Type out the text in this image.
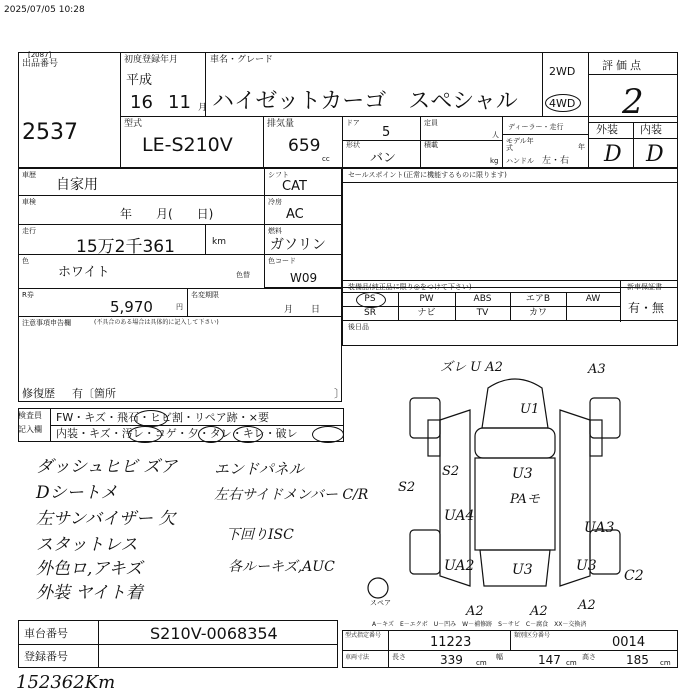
2025/07/05 10:28
[2087]
出品番号
2537
初度登録年月
平成
16 11 月
車名・グレード
ハイゼットカーゴ　スペシャル
2WD
4WD
評価点
2
外装 内装
D D
型式
LE-S210V
排気量
659
cc
ドア
5
形状
バン
定員
人
積載
kg
ディーラー・走行
モデル年式	年
ハンドル 左・右
車歴
自家用
車検
年　　月(　　日)
走行
15万2千361	km
色
ホワイト	色替
R券
5,970	円
名変期限
月　　日
注意事項申告欄	(不具合のある場合は具体的に記入して下さい)
修復歴 有〔箇所	〕
シフト
CAT
冷房
AC
燃料
ガソリン
色コード
W09
セールスポイント(正常に機能するものに限ります)
装備品(純正品に限り◎をつけて下さい)	新車保証書
有・無
PS	PW	ABS	エアB	AW
SR	ナビ	TV	カワ
後日品
検査員
記入欄
FW・キズ・飛石・ヒビ割・リペア跡・×要
内装・キズ・汚レ・コゲ・夕・タレ・キレ・破レ
ダッシュヒビ ズア
Dシートメ
左サンバイザー 欠
スタットレス
外色ロ,アキズ
外装 ヤイト着
エンドパネル
左右サイドメンバー C/R
下回りISC
各ルーキズ,AUC
スペア
ズレ U A2	A3
U1
S2	U3
PAモ
UA4
UA3
UA2	U3	U3
C2
A2	A2 A2
S2
A－キズ　E－エクボ　U－凹み　W－補修跡　S－サビ　C－腐食　XX－交換済
車台番号	S210V-0068354
登録番号
型式指定番号	11223	類別区分番号	0014
車両寸法	長さ	339 cm
幅	147 cm
高さ	185 cm
152362Km
